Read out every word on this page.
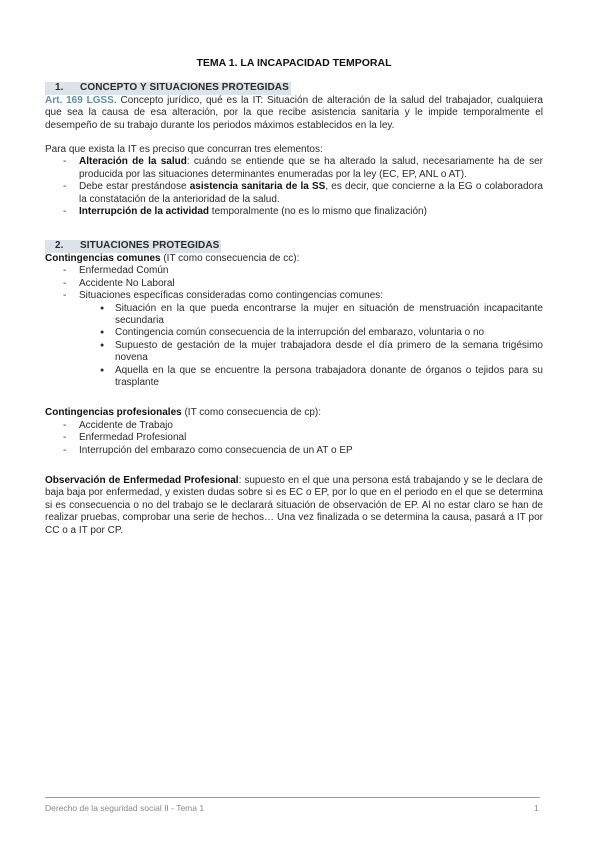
TEMA 1. LA INCAPACIDAD TEMPORAL
1. CONCEPTO Y SITUACIONES PROTEGIDAS
Art. 169 LGSS. Concepto jurídico, qué es la IT: Situación de alteración de la salud del trabajador, cualquiera que sea la causa de esa alteración, por la que recibe asistencia sanitaria y le impide temporalmente el desempeño de su trabajo durante los periodos máximos establecidos en la ley.
Para que exista la IT es preciso que concurran tres elementos:
- Alteración de la salud: cuándo se entiende que se ha alterado la salud, necesariamente ha de ser producida por las situaciones determinantes enumeradas por la ley (EC, EP, ANL o AT).
- Debe estar prestándose asistencia sanitaria de la SS, es decir, que concierne a la EG o colaboradora la constatación de la anterioridad de la salud.
- Interrupción de la actividad temporalmente (no es lo mismo que finalización)
2. SITUACIONES PROTEGIDAS
Contingencias comunes (IT como consecuencia de cc):
- Enfermedad Común
- Accidente No Laboral
- Situaciones específicas consideradas como contingencias comunes:
● Situación en la que pueda encontrarse la mujer en situación de menstruación incapacitante secundaria
● Contingencia común consecuencia de la interrupción del embarazo, voluntaria o no
● Supuesto de gestación de la mujer trabajadora desde el día primero de la semana trigésimo novena
● Aquella en la que se encuentre la persona trabajadora donante de órganos o tejidos para su trasplante
Contingencias profesionales (IT como consecuencia de cp):
- Accidente de Trabajo
- Enfermedad Profesional
- Interrupción del embarazo como consecuencia de un AT o EP
Observación de Enfermedad Profesional: supuesto en el que una persona está trabajando y se le declara de baja baja por enfermedad, y existen dudas sobre si es EC o EP, por lo que en el periodo en el que se determina si es consecuencia o no del trabajo se le declarará situación de observación de EP. Al no estar claro se han de realizar pruebas, comprobar una serie de hechos… Una vez finalizada o se determina la causa, pasará a IT por CC o a IT por CP.
Derecho de la seguridad social II - Tema 1	1
